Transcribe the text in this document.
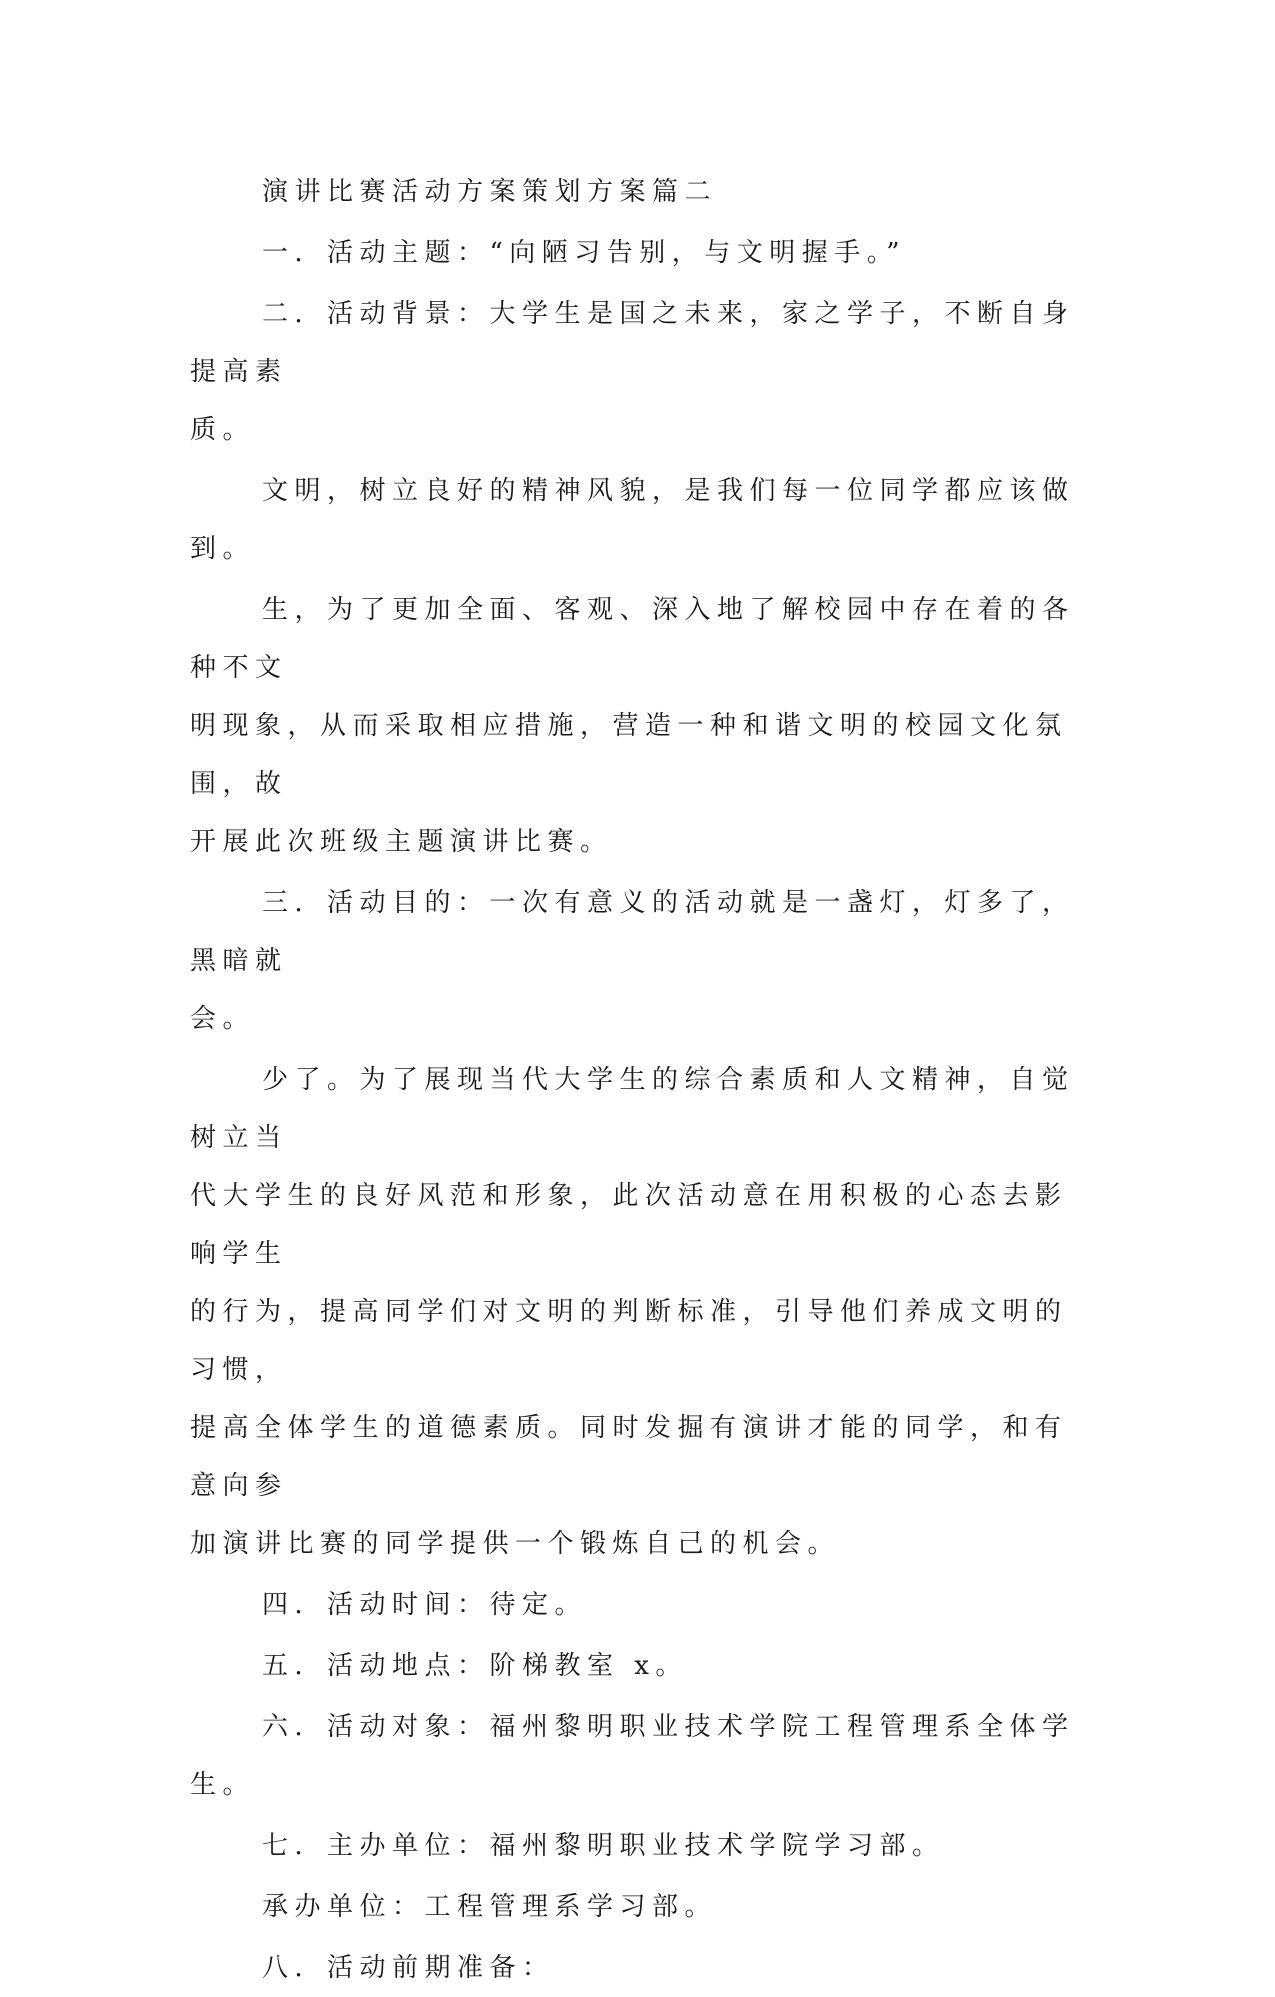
演讲比赛活动方案策划方案篇二

一．活动主题：“向陋习告别，与文明握手。”

二．活动背景：大学生是国之未来，家之学子，不断自身提高素
质。

文明，树立良好的精神风貌，是我们每一位同学都应该做到。

生，为了更加全面、客观、深入地了解校园中存在着的各种不文
明现象，从而采取相应措施，营造一种和谐文明的校园文化氛围，故
开展此次班级主题演讲比赛。

三．活动目的：一次有意义的活动就是一盏灯，灯多了，黑暗就
会。

少了。为了展现当代大学生的综合素质和人文精神，自觉树立当
代大学生的良好风范和形象，此次活动意在用积极的心态去影响学生
的行为，提高同学们对文明的判断标准，引导他们养成文明的习惯，
提高全体学生的道德素质。同时发掘有演讲才能的同学，和有意向参
加演讲比赛的同学提供一个锻炼自己的机会。

四．活动时间：待定。

五．活动地点：阶梯教室 x。

六．活动对象：福州黎明职业技术学院工程管理系全体学生。

七．主办单位：福州黎明职业技术学院学习部。

承办单位：工程管理系学习部。

八．活动前期准备：
